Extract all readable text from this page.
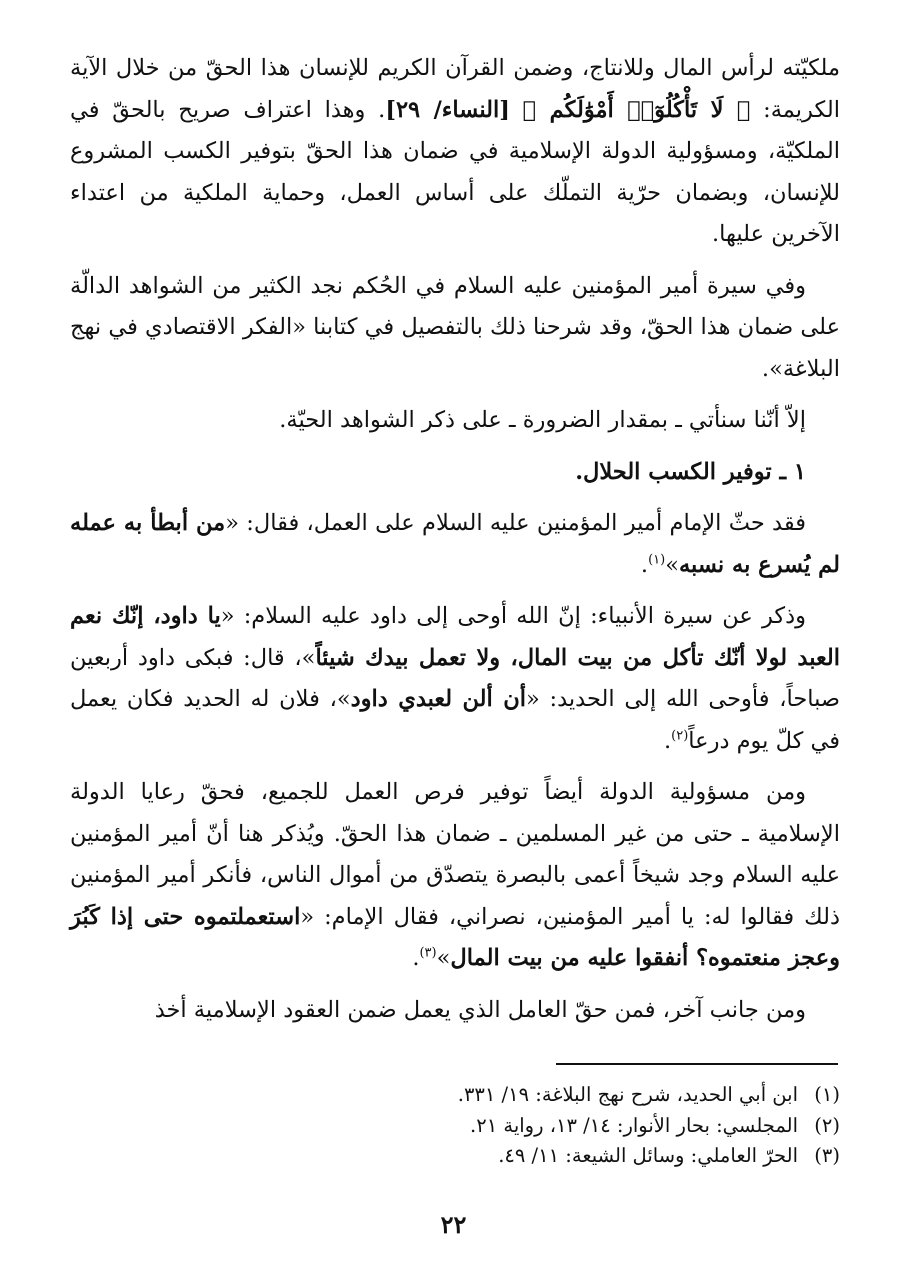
ملكيّته لرأس المال وللانتاج، وضمن القرآن الكريم للإنسان هذا الحقّ من خلال الآية الكريمة: ﴿ لَا تَأْكُلُوٓا۟ أَمْوَٰلَكُم ﴾ [النساء/ ٢٩]. وهذا اعتراف صريح بالحقّ في الملكيّة، ومسؤولية الدولة الإسلامية في ضمان هذا الحقّ بتوفير الكسب المشروع للإنسان، وبضمان حرّية التملّك على أساس العمل، وحماية الملكية من اعتداء الآخرين عليها.

وفي سيرة أمير المؤمنين عليه السلام في الحُكم نجد الكثير من الشواهد الدالّة على ضمان هذا الحقّ، وقد شرحنا ذلك بالتفصيل في كتابنا «الفكر الاقتصادي في نهج البلاغة».

إلاّ أنّنا سنأتي ـ بمقدار الضرورة ـ على ذكر الشواهد الحيّة.

١ ـ توفير الكسب الحلال.

فقد حثّ الإمام أمير المؤمنين عليه السلام على العمل، فقال: «من أبطأ به عمله لم يُسرع به نسبه»$^{(١)}$.

وذكر عن سيرة الأنبياء: إنّ الله أوحى إلى داود عليه السلام: «يا داود، إنّك نعم العبد لولا أنّك تأكل من بيت المال، ولا تعمل بيدك شيئاً»، قال: فبكى داود أربعين صباحاً، فأوحى الله إلى الحديد: «أن ألن لعبدي داود»، فلان له الحديد فكان يعمل في كلّ يوم درعاً$^{(٢)}$.

ومن مسؤولية الدولة أيضاً توفير فرص العمل للجميع، فحقّ رعايا الدولة الإسلامية ـ حتى من غير المسلمين ـ ضمان هذا الحقّ. ويُذكر هنا أنّ أمير المؤمنين عليه السلام وجد شيخاً أعمى بالبصرة يتصدّق من أموال الناس، فأنكر أمير المؤمنين ذلك فقالوا له: يا أمير المؤمنين، نصراني، فقال الإمام: «استعملتموه حتى إذا كَبُرَ وعجز منعتموه؟ أنفقوا عليه من بيت المال»$^{(٣)}$.

ومن جانب آخر، فمن حقّ العامل الذي يعمل ضمن العقود الإسلامية أخذ

(١)
ابن أبي الحديد، شرح نهج البلاغة: ١٩/ ٣٣١.
(٢)
المجلسي: بحار الأنوار: ١٤/ ١٣، رواية ٢١.
(٣)
الحرّ العاملي: وسائل الشيعة: ١١/ ٤٩.
٢٢
